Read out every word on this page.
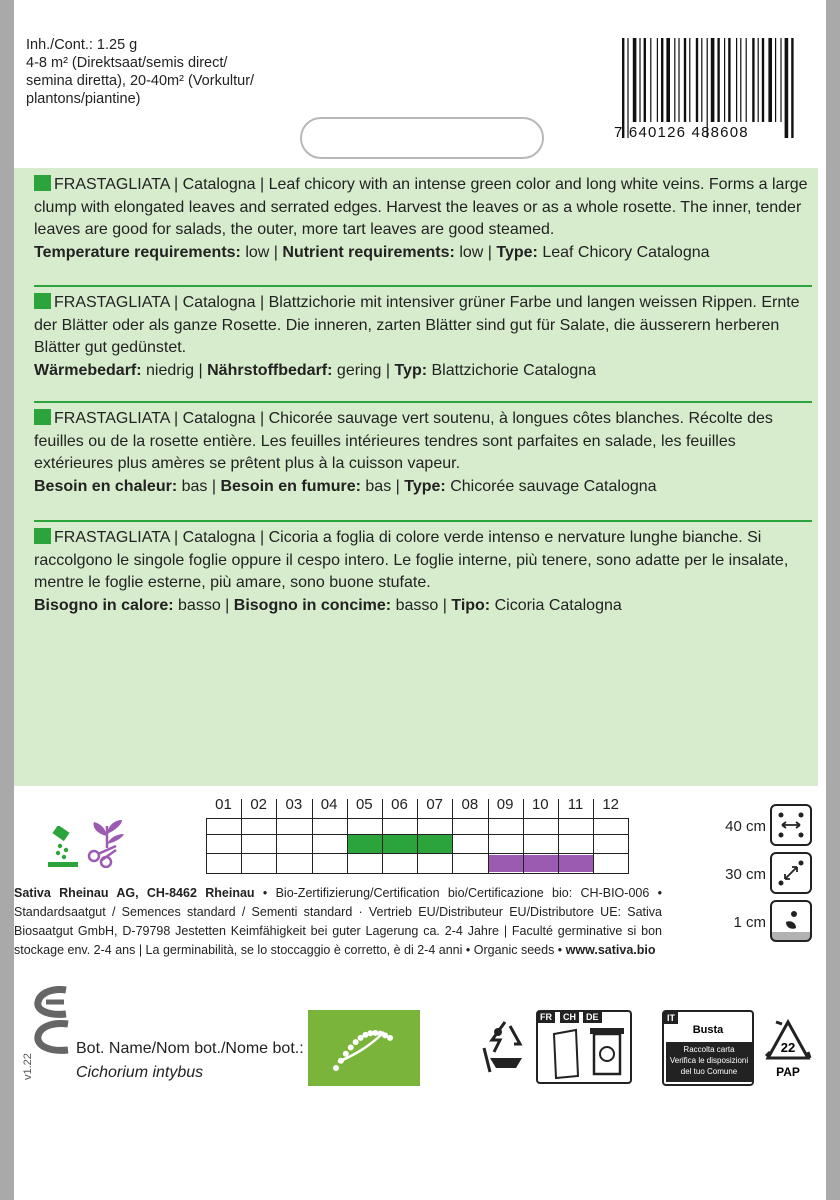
Inh./Cont.: 1.25 g
4-8 m² (Direktsaat/semis direct/
semina diretta), 20-40m² (Vorkultur/
plantons/piantine)
7 640126 488608
FRASTAGLIATA | Catalogna | Leaf chicory with an intense green color and long white veins. Forms a large clump with elongated leaves and serrated edges. Harvest the leaves or as a whole rosette. The inner, tender leaves are good for salads, the outer, more tart leaves are good steamed.
Temperature requirements: low | Nutrient requirements: low | Type: Leaf Chicory Catalogna
FRASTAGLIATA | Catalogna | Blattzichorie mit intensiver grüner Farbe und langen weissen Rippen. Ernte der Blätter oder als ganze Rosette. Die inneren, zarten Blätter sind gut für Salate, die äusserern herberen Blätter gut gedünstet.
Wärmebedarf: niedrig | Nährstoffbedarf: gering | Typ: Blattzichorie Catalogna
FRASTAGLIATA | Catalogna | Chicorée sauvage vert soutenu, à longues côtes blanches. Récolte des feuilles ou de la rosette entière. Les feuilles intérieures tendres sont parfaites en salade, les feuilles extérieures plus amères se prêtent plus à la cuisson vapeur.
Besoin en chaleur: bas | Besoin en fumure: bas | Type: Chicorée sauvage Catalogna
FRASTAGLIATA | Catalogna | Cicoria a foglia di colore verde intenso e nervature lunghe bianche. Si raccolgono le singole foglie oppure il cespo intero. Le foglie interne, più tenere, sono adatte per le insalate, mentre le foglie esterne, più amare, sono buone stufate.
Bisogno in calore: basso | Bisogno in concime: basso | Tipo: Cicoria Catalogna
01	02	03	04	05	06	07	08	09	10	11	12
40 cm
30 cm
1 cm
Sativa Rheinau AG, CH-8462 Rheinau • Bio-Zertifizierung/Certification bio/Certificazione bio: CH-BIO-006 • Standardsaatgut / Semences standard / Sementi standard · Vertrieb EU/Distributeur EU/Distributore UE: Sativa Biosaatgut GmbH, D-79798 Jestetten Keimfähigkeit bei guter Lagerung ca. 2-4 Jahre | Faculté germinative si bon stockage env. 2-4 ans | La germinabilità, se lo stoccaggio è corretto, è di 2-4 anni • Organic seeds • www.sativa.bio
v1.22
Bot. Name/Nom bot./Nome bot.:
Cichorium intybus
FR	CH	DE	IT
Busta
Raccolta carta
Verifica le disposizioni
del tuo Comune
22
PAP
